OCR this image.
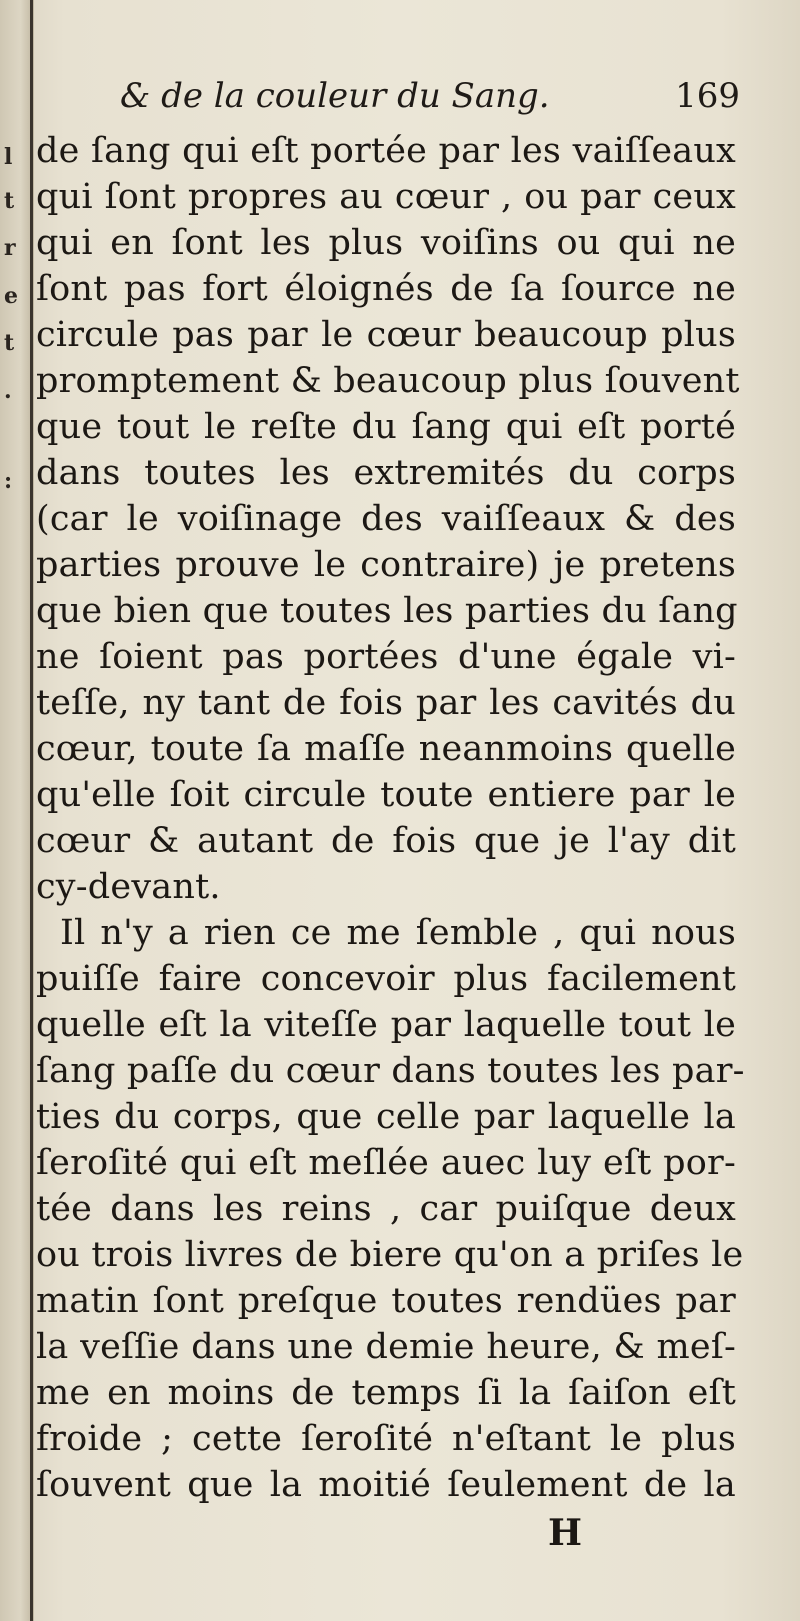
l
t
r
e
t
.
:
& de la couleur du Sang.	169
de ſang qui eſt portée par les vaiſſeaux
qui ſont propres au cœur , ou par ceux
qui en ſont les plus voiſins ou qui ne
ſont pas fort éloignés de ſa ſource ne
circule pas par le cœur beaucoup plus
promptement & beaucoup plus ſouvent
que tout le reſte du ſang qui eſt porté
dans toutes les extremités du corps
(car le voiſinage des vaiſſeaux & des
parties prouve le contraire) je pretens
que bien que toutes les parties du ſang
ne ſoient pas portées d'une égale vi-
teſſe, ny tant de fois par les cavités du
cœur, toute ſa maſſe neanmoins quelle
qu'elle ſoit circule toute entiere par le
cœur & autant de fois que je l'ay dit
cy-devant.
Il n'y a rien ce me ſemble , qui nous
puiſſe faire concevoir plus facilement
quelle eſt la viteſſe par laquelle tout le
ſang paſſe du cœur dans toutes les par-
ties du corps, que celle par laquelle la
ſeroſité qui eſt meſlée auec luy eſt por-
tée dans les reins , car puiſque deux
ou trois livres de biere qu'on a priſes le
matin ſont preſque toutes rendües par
la veſſie dans une demie heure, & meſ-
me en moins de temps ſi la ſaiſon eſt
froide ; cette ſeroſité n'eſtant le plus
ſouvent que la moitié ſeulement de la
H
